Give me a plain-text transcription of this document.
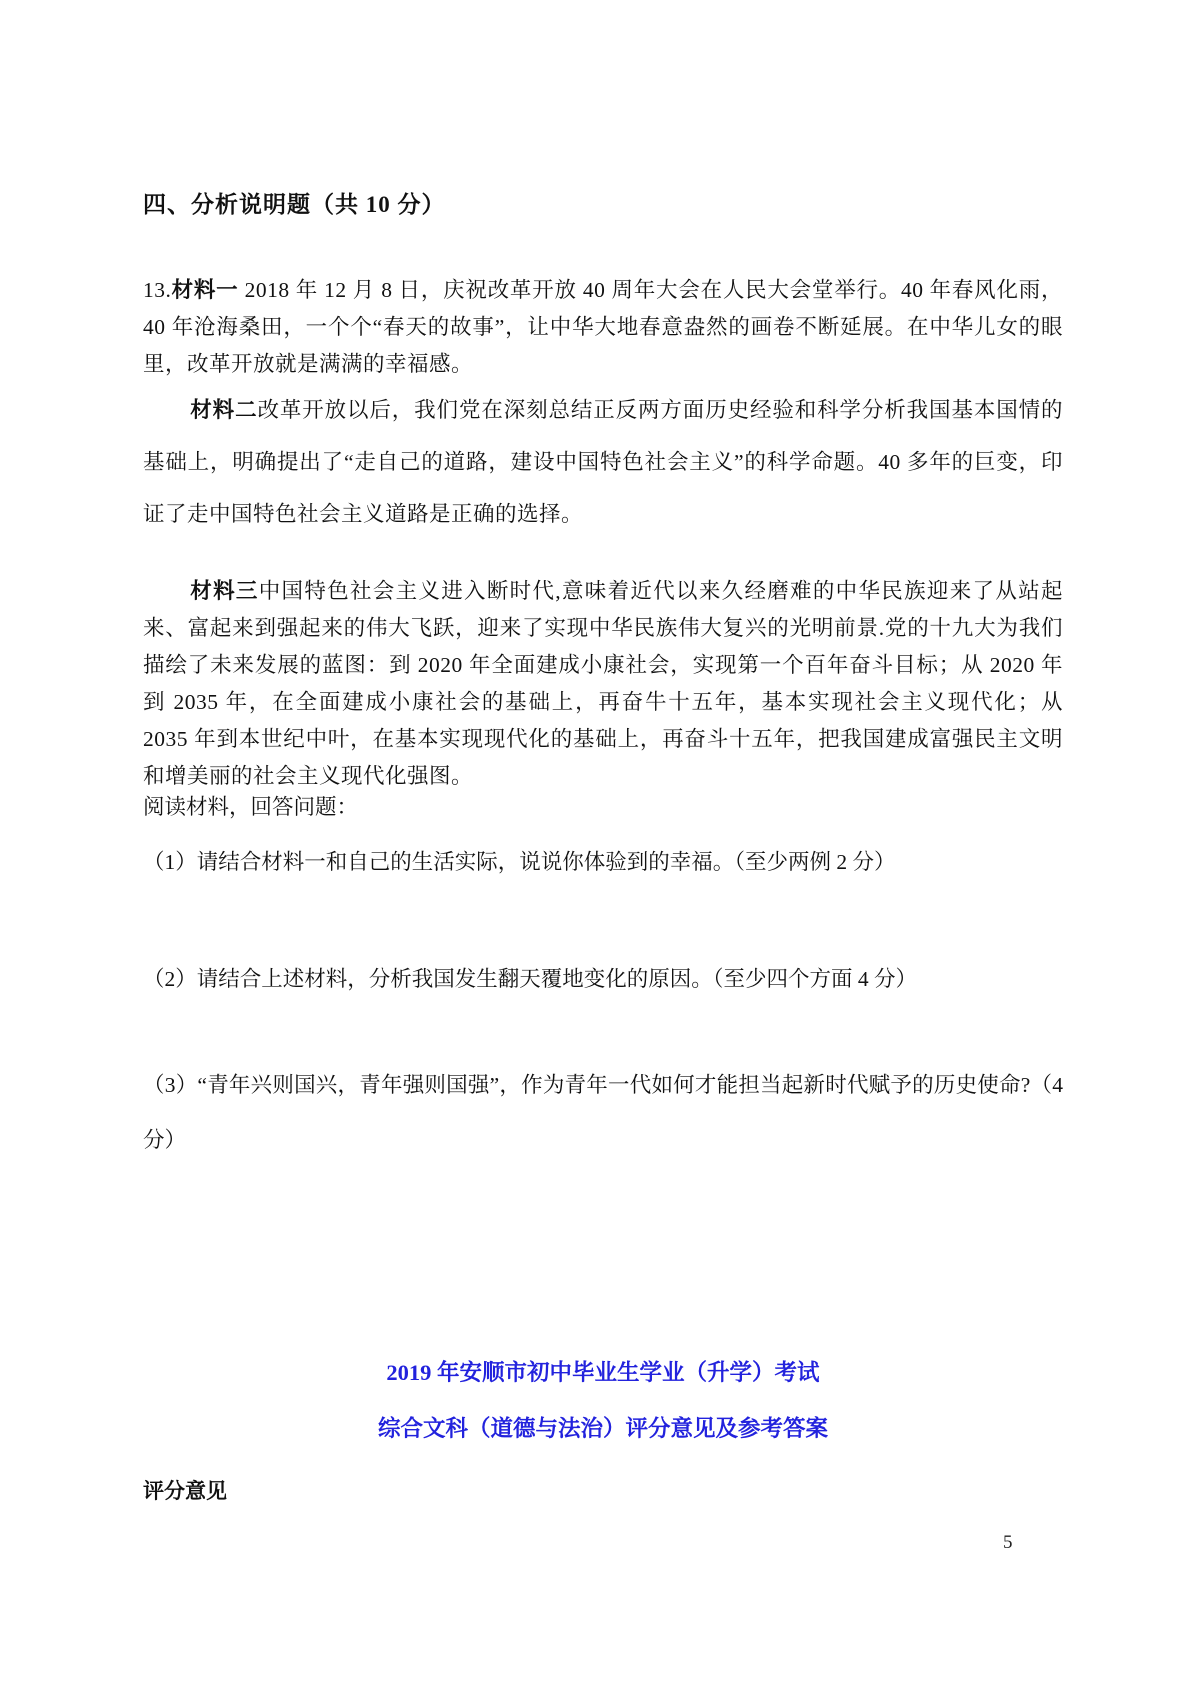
四、分析说明题（共 10 分）

13.材料一 2018 年 12 月 8 日，庆祝改革开放 40 周年大会在人民大会堂举行。40 年春风化雨，40 年沧海桑田，一个个“春天的故事”，让中华大地春意盎然的画卷不断延展。在中华儿女的眼里，改革开放就是满满的幸福感。

材料二改革开放以后，我们党在深刻总结正反两方面历史经验和科学分析我国基本国情的基础上，明确提出了“走自己的道路，建设中国特色社会主义”的科学命题。40 多年的巨变，印证了走中国特色社会主义道路是正确的选择。

材料三中国特色社会主义进入断时代,意味着近代以来久经磨难的中华民族迎来了从站起来、富起来到强起来的伟大飞跃，迎来了实现中华民族伟大复兴的光明前景.党的十九大为我们描绘了未来发展的蓝图：到 2020 年全面建成小康社会，实现第一个百年奋斗目标；从 2020 年到 2035 年，在全面建成小康社会的基础上，再奋牛十五年，基本实现社会主义现代化；从 2035 年到本世纪中叶，在基本实现现代化的基础上，再奋斗十五年，把我国建成富强民主文明和增美丽的社会主义现代化强图。

阅读材料，回答问题：
（1）请结合材料一和自己的生活实际，说说你体验到的幸福。（至少两例 2 分）
（2）请结合上述材料，分析我国发生翻天覆地变化的原因。（至少四个方面 4 分）
（3）“青年兴则国兴，青年强则国强”，作为青年一代如何才能担当起新时代赋予的历史使命?（4 分）
2019 年安顺市初中毕业生学业（升学）考试
综合文科（道德与法治）评分意见及参考答案
评分意见
5
